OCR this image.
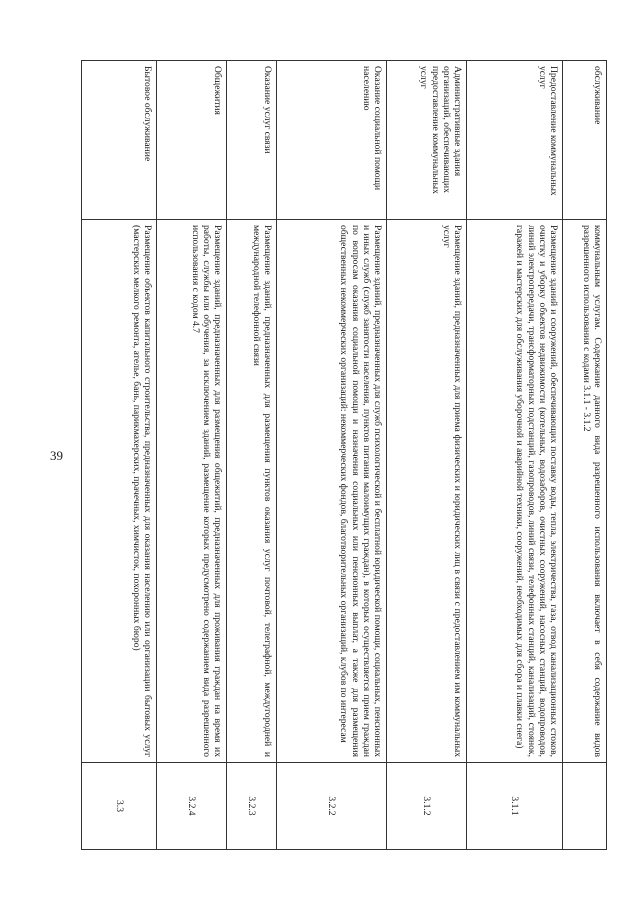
39
обслуживание	коммунальным услугам. Содержание данного вида разрешенного использования включает в себя содержание видов разрешенного использования с кодами 3.1.1 - 3.1.2	
Предоставление коммунальных услуг	Размещение зданий и сооружений, обеспечивающих поставку воды, тепла, электричества, газа, отвод канализационных стоков, очистку и уборку объектов недвижимости (котельных, водозаборов, очистных сооружений, насосных станций, водопроводов, линий электропередачи, трансформаторных подстанций, газопроводов, линий связи, телефонных станций, канализаций, стоянок, гаражей и мастерских для обслуживания уборочной и аварийной техники, сооружений, необходимых для сбора и плавки снега)	3.1.1
Административные здания организаций, обеспечивающих предоставление коммунальных услуг	Размещение зданий, предназначенных для приема физических и юридических лиц в связи с предоставлением им коммунальных услуг	3.1.2
Оказание социальной помощи населению	Размещение зданий, предназначенных для служб психологической и бесплатной юридической помощи, социальных, пенсионных и иных служб (служб занятости населения, пунктов питания малоимущих граждан), в которых осуществляется прием граждан по вопросам оказания социальной помощи и назначения социальных или пенсионных выплат, а также для размещения общественных некоммерческих организаций: некоммерческих фондов, благотворительных организаций, клубов по интересам	3.2.2
Оказание услуг связи	Размещение зданий, предназначенных для размещения пунктов оказания услуг почтовой, телеграфной, междугородней и международной телефонной связи	3.2.3
Общежития	Размещение зданий, предназначенных для размещения общежитий, предназначенных для проживания граждан на время их работы, службы или обучения, за исключением зданий, размещение которых предусмотрено содержанием вида разрешенного использования с кодом 4.7	3.2.4
Бытовое обслуживание	Размещение объектов капитального строительства, предназначенных для оказания населению или организации бытовых услуг (мастерских мелкого ремонта, ателье, бань, парикмахерских, прачечных, химчисток, похоронных бюро)	3.3
